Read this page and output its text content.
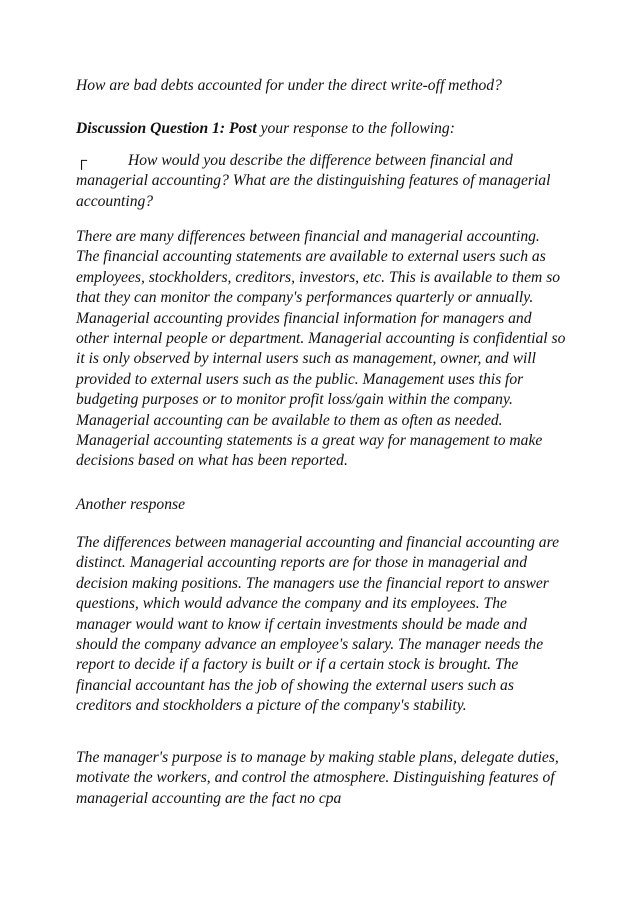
How are bad debts accounted for under the direct write-off method?

Discussion Question 1: Post your response to the following:

┌	How would you describe the difference between financial and managerial accounting? What are the distinguishing features of managerial accounting?

There are many differences between financial and managerial accounting. The financial accounting statements are available to external users such as employees, stockholders, creditors, investors, etc. This is available to them so that they can monitor the company's performances quarterly or annually. Managerial accounting provides financial information for managers and other internal people or department. Managerial accounting is confidential so it is only observed by internal users such as management, owner, and will provided to external users such as the public. Management uses this for budgeting purposes or to monitor profit loss/gain within the company. Managerial accounting can be available to them as often as needed. Managerial accounting statements is a great way for management to make decisions based on what has been reported.

Another response

The differences between managerial accounting and financial accounting are distinct. Managerial accounting reports are for those in managerial and decision making positions. The managers use the financial report to answer questions, which would advance the company and its employees. The manager would want to know if certain investments should be made and should the company advance an employee's salary. The manager needs the report to decide if a factory is built or if a certain stock is brought. The financial accountant has the job of showing the external users such as creditors and stockholders a picture of the company's stability.

The manager's purpose is to manage by making stable plans, delegate duties, motivate the workers, and control the atmosphere. Distinguishing features of managerial accounting are the fact no cpa
